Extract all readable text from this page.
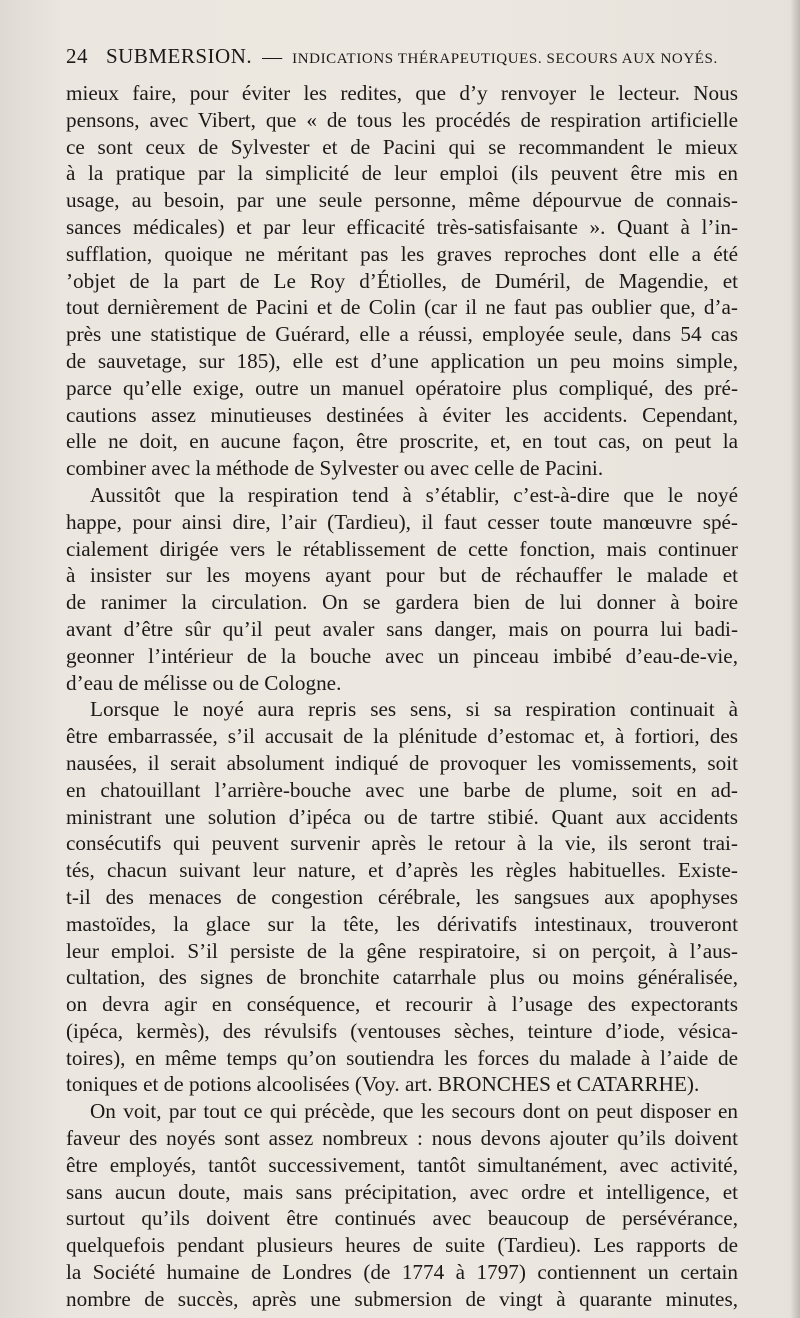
24 SUBMERSION. — INDICATIONS THÉRAPEUTIQUES. SECOURS AUX NOYÉS.
mieux faire, pour éviter les redites, que d’y renvoyer le lecteur. Nous
pensons, avec Vibert, que « de tous les procédés de respiration artificielle
ce sont ceux de Sylvester et de Pacini qui se recommandent le mieux
à la pratique par la simplicité de leur emploi (ils peuvent être mis en
usage, au besoin, par une seule personne, même dépourvue de connais-
sances médicales) et par leur efficacité très-satisfaisante ». Quant à l’in-
sufflation, quoique ne méritant pas les graves reproches dont elle a été
’objet de la part de Le Roy d’Étiolles, de Duméril, de Magendie, et
tout dernièrement de Pacini et de Colin (car il ne faut pas oublier que, d’a-
près une statistique de Guérard, elle a réussi, employée seule, dans 54 cas
de sauvetage, sur 185), elle est d’une application un peu moins simple,
parce qu’elle exige, outre un manuel opératoire plus compliqué, des pré-
cautions assez minutieuses destinées à éviter les accidents. Cependant,
elle ne doit, en aucune façon, être proscrite, et, en tout cas, on peut la
combiner avec la méthode de Sylvester ou avec celle de Pacini.
Aussitôt que la respiration tend à s’établir, c’est-à-dire que le noyé
happe, pour ainsi dire, l’air (Tardieu), il faut cesser toute manœuvre spé-
cialement dirigée vers le rétablissement de cette fonction, mais continuer
à insister sur les moyens ayant pour but de réchauffer le malade et
de ranimer la circulation. On se gardera bien de lui donner à boire
avant d’être sûr qu’il peut avaler sans danger, mais on pourra lui badi-
geonner l’intérieur de la bouche avec un pinceau imbibé d’eau-de-vie,
d’eau de mélisse ou de Cologne.
Lorsque le noyé aura repris ses sens, si sa respiration continuait à
être embarrassée, s’il accusait de la plénitude d’estomac et, à fortiori, des
nausées, il serait absolument indiqué de provoquer les vomissements, soit
en chatouillant l’arrière-bouche avec une barbe de plume, soit en ad-
ministrant une solution d’ipéca ou de tartre stibié. Quant aux accidents
consécutifs qui peuvent survenir après le retour à la vie, ils seront trai-
tés, chacun suivant leur nature, et d’après les règles habituelles. Existe-
t-il des menaces de congestion cérébrale, les sangsues aux apophyses
mastoïdes, la glace sur la tête, les dérivatifs intestinaux, trouveront
leur emploi. S’il persiste de la gêne respiratoire, si on perçoit, à l’aus-
cultation, des signes de bronchite catarrhale plus ou moins généralisée,
on devra agir en conséquence, et recourir à l’usage des expectorants
(ipéca, kermès), des révulsifs (ventouses sèches, teinture d’iode, vésica-
toires), en même temps qu’on soutiendra les forces du malade à l’aide de
toniques et de potions alcoolisées (Voy. art. BRONCHES et CATARRHE).
On voit, par tout ce qui précède, que les secours dont on peut disposer en
faveur des noyés sont assez nombreux : nous devons ajouter qu’ils doivent
être employés, tantôt successivement, tantôt simultanément, avec activité,
sans aucun doute, mais sans précipitation, avec ordre et intelligence, et
surtout qu’ils doivent être continués avec beaucoup de persévérance,
quelquefois pendant plusieurs heures de suite (Tardieu). Les rapports de
la Société humaine de Londres (de 1774 à 1797) contiennent un certain
nombre de succès, après une submersion de vingt à quarante minutes,
